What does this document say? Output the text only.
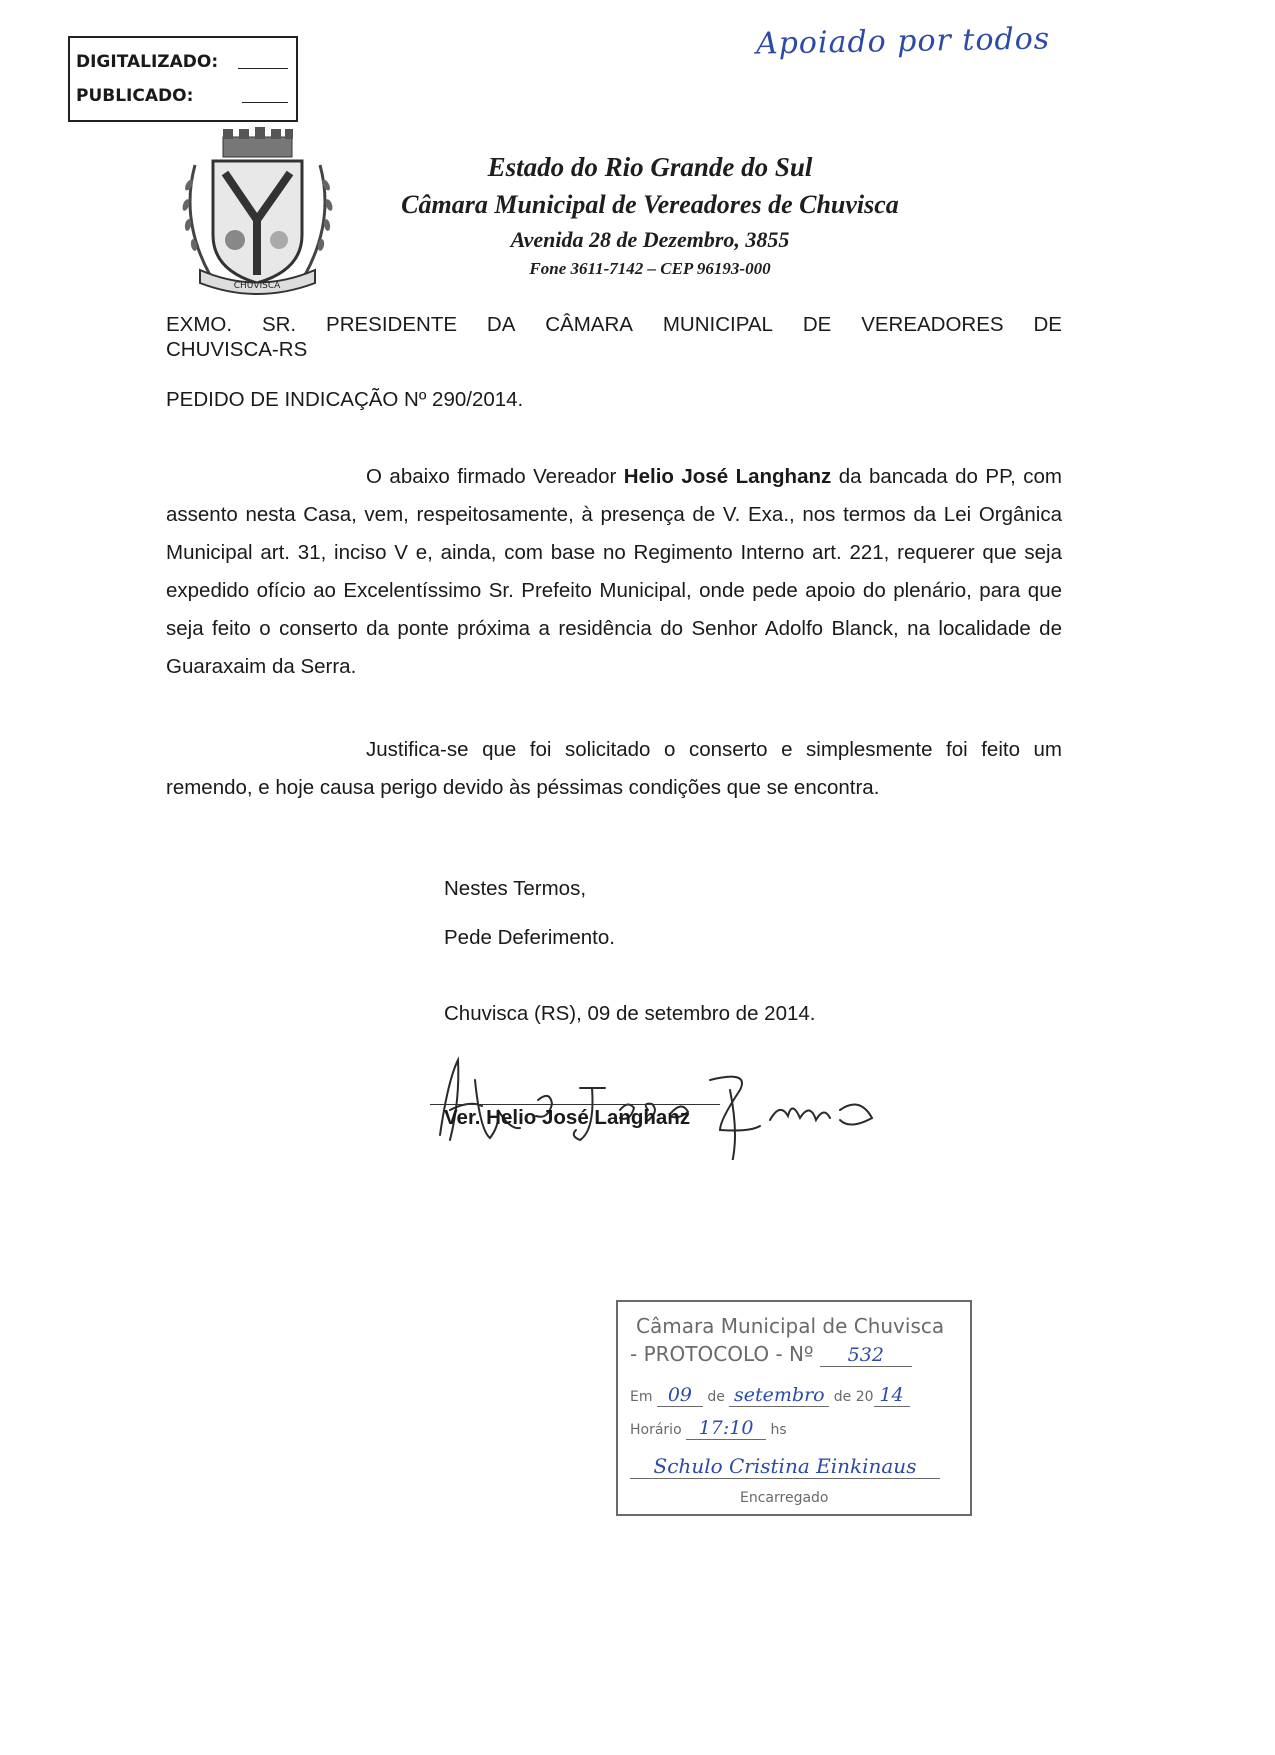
DIGITALIZADO:
PUBLICADO:
Apoiado por todos
CHUVISCA
Estado do Rio Grande do Sul
Câmara Municipal de Vereadores de Chuvisca
Avenida 28 de Dezembro, 3855
Fone 3611-7142 – CEP 96193-000
EXMO. SR. PRESIDENTE DA CÂMARA MUNICIPAL DE VEREADORES DE
CHUVISCA-RS
PEDIDO DE INDICAÇÃO Nº 290/2014.
O abaixo firmado Vereador Helio José Langhanz da bancada do PP, com assento nesta Casa, vem, respeitosamente, à presença de V. Exa., nos termos da Lei Orgânica Municipal art. 31, inciso V e, ainda, com base no Regimento Interno art. 221, requerer que seja expedido ofício ao Excelentíssimo Sr. Prefeito Municipal, onde pede apoio do plenário, para que seja feito o conserto da ponte próxima a residência do Senhor Adolfo Blanck, na localidade de Guaraxaim da Serra.
Justifica-se que foi solicitado o conserto e simplesmente foi feito um remendo, e hoje causa perigo devido às péssimas condições que se encontra.
Nestes Termos,
Pede Deferimento.
Chuvisca (RS), 09 de setembro de 2014.
Ver. Helio José Langhanz
Câmara Municipal de Chuvisca
- PROTOCOLO - Nº 532
Em 09 de setembro de 20 14
Horário 17:10 hs
Schulo Cristina Einkinaus
Encarregado
